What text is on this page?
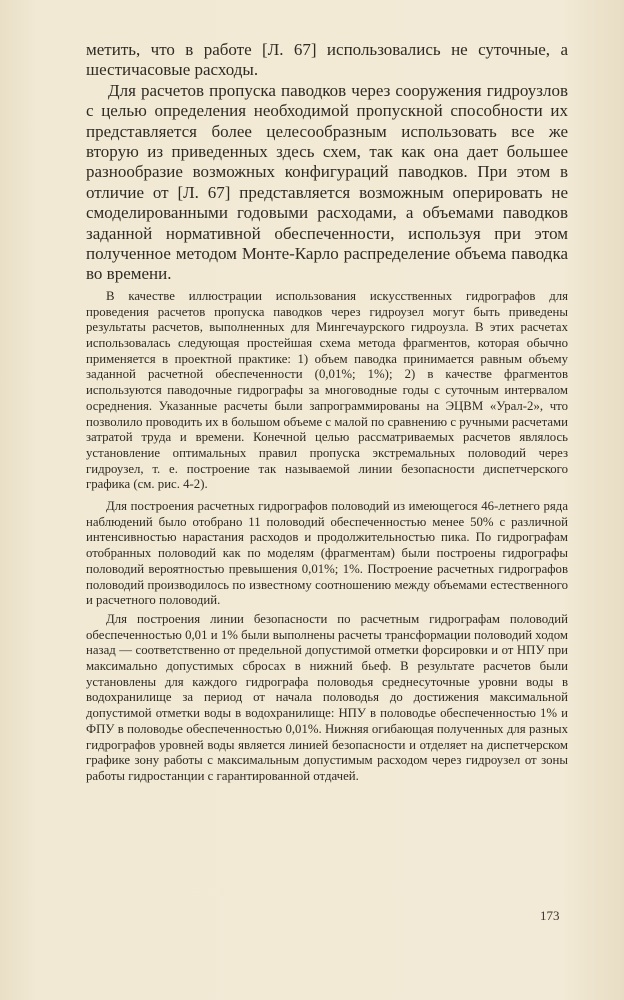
метить, что в работе [Л. 67] использовались не суточные, а шестичасовые расходы.

Для расчетов пропуска паводков через сооружения гидроузлов с целью определения необходимой пропускной способности их представляется более целесообразным использовать все же вторую из приведенных здесь схем, так как она дает большее разнообразие возможных конфигураций паводков. При этом в отличие от [Л. 67] представляется возможным оперировать не смоделированными годовыми расходами, а объемами паводков заданной нормативной обеспеченности, используя при этом полученное методом Монте-Карло распределение объема паводка во времени.

В качестве иллюстрации использования искусственных гидрографов для проведения расчетов пропуска паводков через гидроузел могут быть приведены результаты расчетов, выполненных для Мингечаурского гидроузла. В этих расчетах использовалась следующая простейшая схема метода фрагментов, которая обычно применяется в проектной практике: 1) объем паводка принимается равным объему заданной расчетной обеспеченности (0,01%; 1%); 2) в качестве фрагментов используются паводочные гидрографы за многоводные годы с суточным интервалом осреднения. Указанные расчеты были запрограммированы на ЭЦВМ «Урал-2», что позволило проводить их в большом объеме с малой по сравнению с ручными расчетами затратой труда и времени. Конечной целью рассматриваемых расчетов являлось установление оптимальных правил пропуска экстремальных половодий через гидроузел, т. е. построение так называемой линии безопасности диспетчерского графика (см. рис. 4-2).

Для построения расчетных гидрографов половодий из имеющегося 46-летнего ряда наблюдений было отобрано 11 половодий обеспеченностью менее 50% с различной интенсивностью нарастания расходов и продолжительностью пика. По гидрографам отобранных половодий как по моделям (фрагментам) были построены гидрографы половодий вероятностью превышения 0,01%; 1%. Построение расчетных гидрографов половодий производилось по известному соотношению между объемами естественного и расчетного половодий.

Для построения линии безопасности по расчетным гидрографам половодий обеспеченностью 0,01 и 1% были выполнены расчеты трансформации половодий ходом назад — соответственно от предельной допустимой отметки форсировки и от НПУ при максимально допустимых сбросах в нижний бьеф. В результате расчетов были установлены для каждого гидрографа половодья среднесуточные уровни воды в водохранилище за период от начала половодья до достижения максимальной допустимой отметки воды в водохранилище: НПУ в половодье обеспеченностью 1% и ФПУ в половодье обеспеченностью 0,01%. Нижняя огибающая полученных для разных гидрографов уровней воды является линией безопасности и отделяет на диспетчерском графике зону работы с максимальным допустимым расходом через гидроузел от зоны работы гидростанции с гарантированной отдачей.

173
